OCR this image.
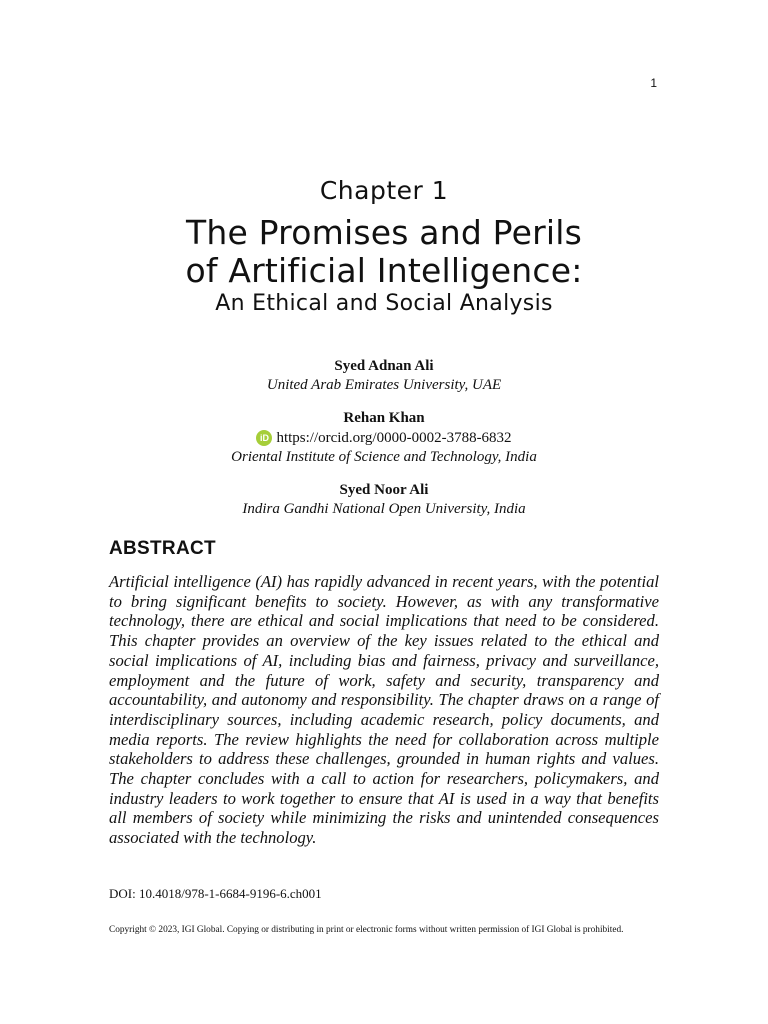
1
Chapter 1
The Promises and Perils
of Artificial Intelligence:
An Ethical and Social Analysis
Syed Adnan Ali
United Arab Emirates University, UAE
Rehan Khan
iD https://orcid.org/0000-0002-3788-6832
Oriental Institute of Science and Technology, India
Syed Noor Ali
Indira Gandhi National Open University, India
ABSTRACT

Artificial intelligence (AI) has rapidly advanced in recent years, with the potential to bring significant benefits to society. However, as with any transformative technology, there are ethical and social implications that need to be considered. This chapter provides an overview of the key issues related to the ethical and social implications of AI, including bias and fairness, privacy and surveillance, employment and the future of work, safety and security, transparency and accountability, and autonomy and responsibility. The chapter draws on a range of interdisciplinary sources, including academic research, policy documents, and media reports. The review highlights the need for collaboration across multiple stakeholders to address these challenges, grounded in human rights and values. The chapter concludes with a call to action for researchers, policymakers, and industry leaders to work together to ensure that AI is used in a way that benefits all members of society while minimizing the risks and unintended consequences associated with the technology.

DOI: 10.4018/978-1-6684-9196-6.ch001
Copyright © 2023, IGI Global. Copying or distributing in print or electronic forms without written permission of IGI Global is prohibited.
